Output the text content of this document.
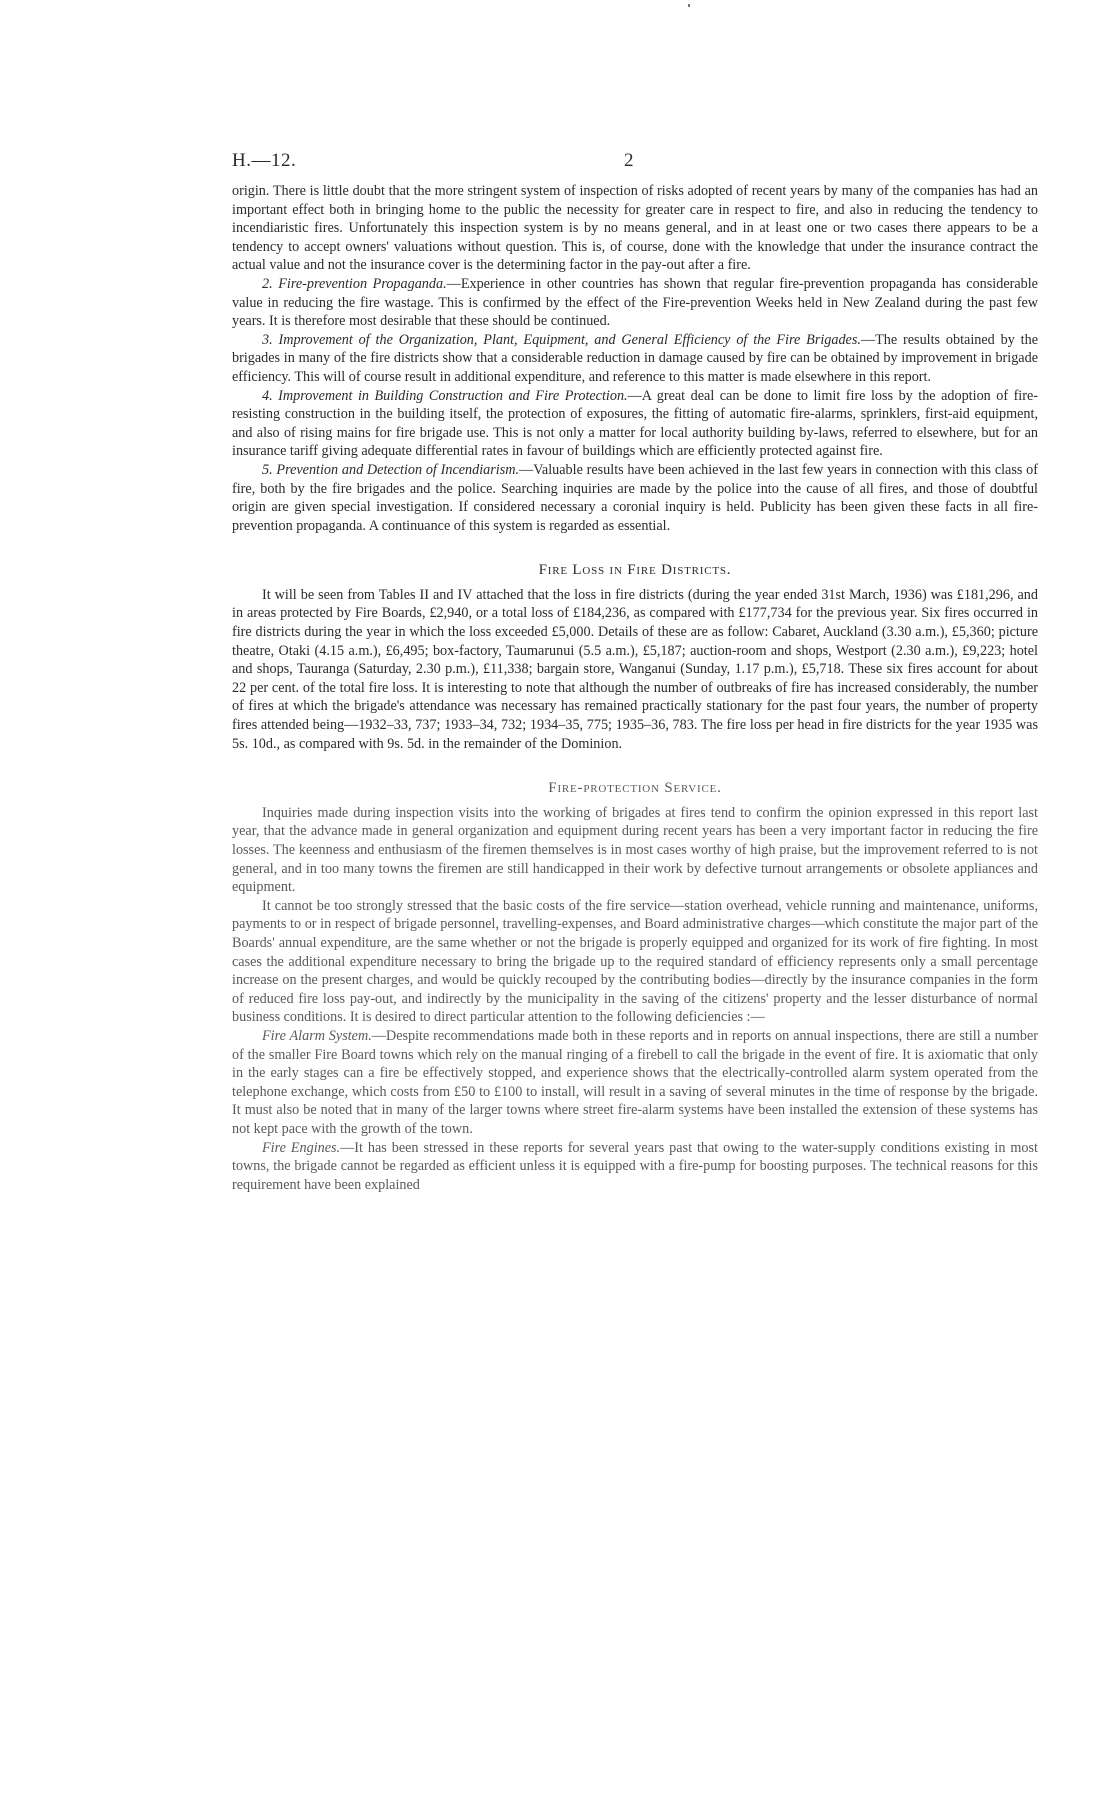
H.—12.	2

origin. There is little doubt that the more stringent system of inspection of risks adopted of recent years by many of the companies has had an important effect both in bringing home to the public the necessity for greater care in respect to fire, and also in reducing the tendency to incendiaristic fires. Unfortunately this inspection system is by no means general, and in at least one or two cases there appears to be a tendency to accept owners' valuations without question. This is, of course, done with the knowledge that under the insurance contract the actual value and not the insurance cover is the determining factor in the pay-out after a fire.

2. Fire-prevention Propaganda.—Experience in other countries has shown that regular fire-prevention propaganda has considerable value in reducing the fire wastage. This is confirmed by the effect of the Fire-prevention Weeks held in New Zealand during the past few years. It is therefore most desirable that these should be continued.

3. Improvement of the Organization, Plant, Equipment, and General Efficiency of the Fire Brigades.—The results obtained by the brigades in many of the fire districts show that a considerable reduction in damage caused by fire can be obtained by improvement in brigade efficiency. This will of course result in additional expenditure, and reference to this matter is made elsewhere in this report.

4. Improvement in Building Construction and Fire Protection.—A great deal can be done to limit fire loss by the adoption of fire-resisting construction in the building itself, the protection of exposures, the fitting of automatic fire-alarms, sprinklers, first-aid equipment, and also of rising mains for fire brigade use. This is not only a matter for local authority building by-laws, referred to elsewhere, but for an insurance tariff giving adequate differential rates in favour of buildings which are efficiently protected against fire.

5. Prevention and Detection of Incendiarism.—Valuable results have been achieved in the last few years in connection with this class of fire, both by the fire brigades and the police. Searching inquiries are made by the police into the cause of all fires, and those of doubtful origin are given special investigation. If considered necessary a coronial inquiry is held. Publicity has been given these facts in all fire-prevention propaganda. A continuance of this system is regarded as essential.

Fire Loss in Fire Districts.

It will be seen from Tables II and IV attached that the loss in fire districts (during the year ended 31st March, 1936) was £181,296, and in areas protected by Fire Boards, £2,940, or a total loss of £184,236, as compared with £177,734 for the previous year. Six fires occurred in fire districts during the year in which the loss exceeded £5,000. Details of these are as follow: Cabaret, Auckland (3.30 a.m.), £5,360; picture theatre, Otaki (4.15 a.m.), £6,495; box-factory, Taumarunui (5.5 a.m.), £5,187; auction-room and shops, Westport (2.30 a.m.), £9,223; hotel and shops, Tauranga (Saturday, 2.30 p.m.), £11,338; bargain store, Wanganui (Sunday, 1.17 p.m.), £5,718. These six fires account for about 22 per cent. of the total fire loss. It is interesting to note that although the number of outbreaks of fire has increased considerably, the number of fires at which the brigade's attendance was necessary has remained practically stationary for the past four years, the number of property fires attended being—1932–33, 737; 1933–34, 732; 1934–35, 775; 1935–36, 783. The fire loss per head in fire districts for the year 1935 was 5s. 10d., as compared with 9s. 5d. in the remainder of the Dominion.

Fire-protection Service.

Inquiries made during inspection visits into the working of brigades at fires tend to confirm the opinion expressed in this report last year, that the advance made in general organization and equipment during recent years has been a very important factor in reducing the fire losses. The keenness and enthusiasm of the firemen themselves is in most cases worthy of high praise, but the improvement referred to is not general, and in too many towns the firemen are still handicapped in their work by defective turnout arrangements or obsolete appliances and equipment.

It cannot be too strongly stressed that the basic costs of the fire service—station overhead, vehicle running and maintenance, uniforms, payments to or in respect of brigade personnel, travelling-expenses, and Board administrative charges—which constitute the major part of the Boards' annual expenditure, are the same whether or not the brigade is properly equipped and organized for its work of fire fighting. In most cases the additional expenditure necessary to bring the brigade up to the required standard of efficiency represents only a small percentage increase on the present charges, and would be quickly recouped by the contributing bodies—directly by the insurance companies in the form of reduced fire loss pay-out, and indirectly by the municipality in the saving of the citizens' property and the lesser disturbance of normal business conditions. It is desired to direct particular attention to the following deficiencies :—

Fire Alarm System.—Despite recommendations made both in these reports and in reports on annual inspections, there are still a number of the smaller Fire Board towns which rely on the manual ringing of a firebell to call the brigade in the event of fire. It is axiomatic that only in the early stages can a fire be effectively stopped, and experience shows that the electrically-controlled alarm system operated from the telephone exchange, which costs from £50 to £100 to install, will result in a saving of several minutes in the time of response by the brigade. It must also be noted that in many of the larger towns where street fire-alarm systems have been installed the extension of these systems has not kept pace with the growth of the town.

Fire Engines.—It has been stressed in these reports for several years past that owing to the water-supply conditions existing in most towns, the brigade cannot be regarded as efficient unless it is equipped with a fire-pump for boosting purposes. The technical reasons for this requirement have been explained
